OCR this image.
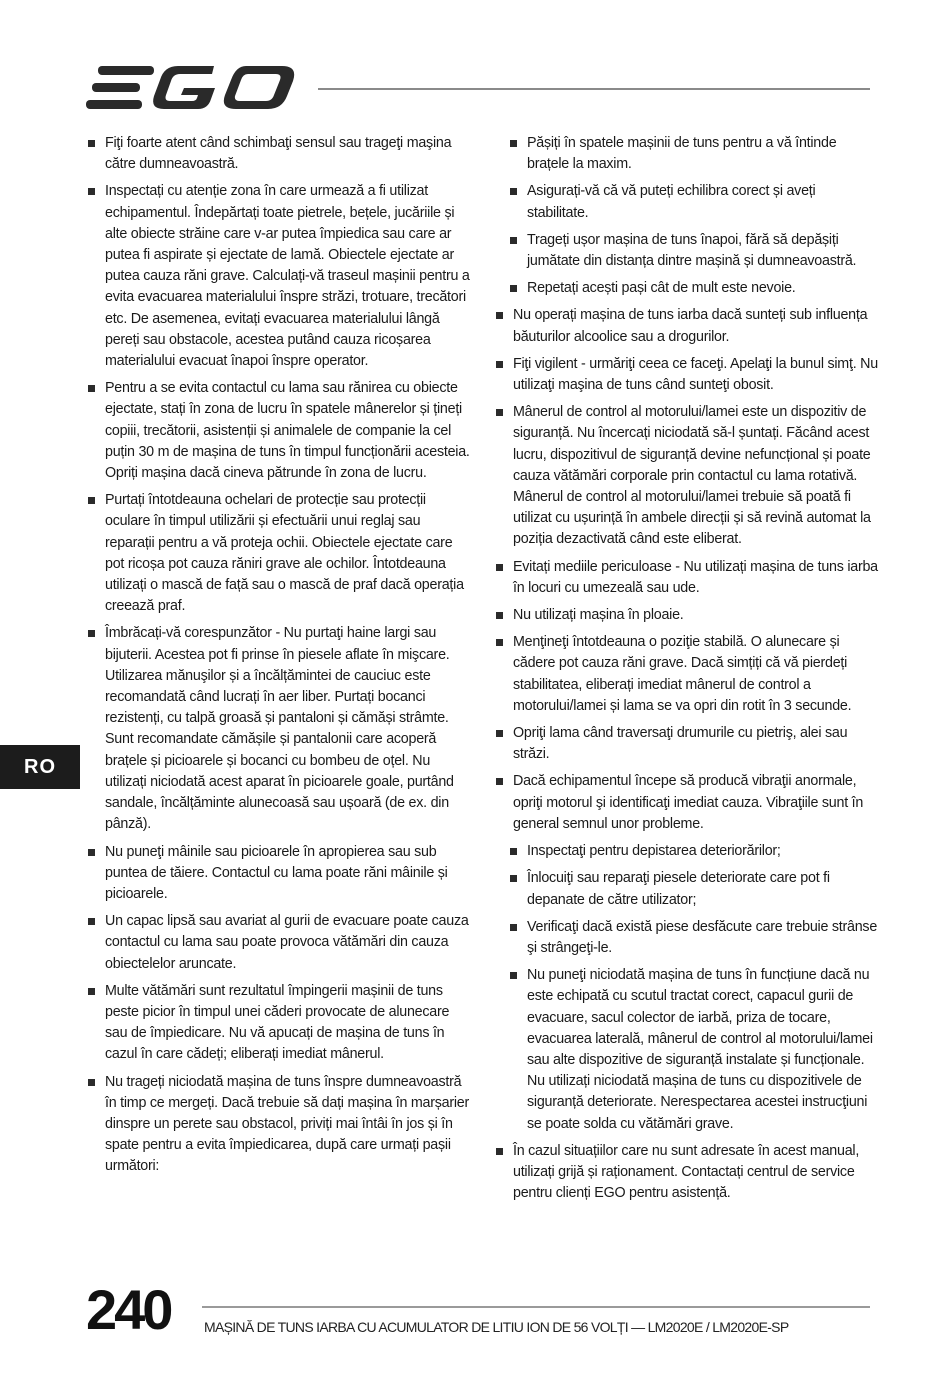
Fiţi foarte atent când schimbaţi sensul sau trageţi maşina către dumneavoastră.
Inspectați cu atenție zona în care urmează a fi utilizat echipamentul. Îndepărtați toate pietrele, bețele, jucăriile și alte obiecte străine care v-ar putea împiedica sau care ar putea fi aspirate și ejectate de lamă. Obiectele ejectate ar putea cauza răni grave. Calculați-vă traseul mașinii pentru a evita evacuarea materialului înspre străzi, trotuare, trecători etc. De asemenea, evitați evacuarea materialului lângă pereți sau obstacole, acestea putând cauza ricoșarea materialului evacuat înapoi înspre operator.
Pentru a se evita contactul cu lama sau rănirea cu obiecte ejectate, stați în zona de lucru în spatele mânerelor și țineți copiii, trecătorii, asistenții și animalele de companie la cel puțin 30 m de mașina de tuns în timpul funcționării acesteia. Opriți mașina dacă cineva pătrunde în zona de lucru.
Purtați întotdeauna ochelari de protecție sau protecții oculare în timpul utilizării și efectuării unui reglaj sau reparații pentru a vă proteja ochii. Obiectele ejectate care pot ricoșa pot cauza răniri grave ale ochilor. Întotdeauna utilizați o mască de față sau o mască de praf dacă operația creează praf.
Îmbrăcați-vă corespunzător - Nu purtaţi haine largi sau bijuterii. Acestea pot fi prinse în piesele aflate în mişcare. Utilizarea mănuşilor și a încălțămintei de cauciuc este recomandată când lucrați în aer liber. Purtați bocanci rezistenți, cu talpă groasă și pantaloni și cămăși strâmte. Sunt recomandate cămășile și pantalonii care acoperă brațele și picioarele și bocanci cu bombeu de oțel. Nu utilizați niciodată acest aparat în picioarele goale, purtând sandale, încălțăminte alunecoasă sau ușoară (de ex. din pânză).
Nu puneţi mâinile sau picioarele în apropierea sau sub puntea de tăiere. Contactul cu lama poate răni mâinile și picioarele.
Un capac lipsă sau avariat al gurii de evacuare poate cauza contactul cu lama sau poate provoca vătămări din cauza obiectelelor aruncate.
Multe vătămări sunt rezultatul împingerii mașinii de tuns peste picior în timpul unei căderi provocate de alunecare sau de împiedicare. Nu vă apucați de mașina de tuns în cazul în care cădeți; eliberați imediat mânerul.
Nu trageți niciodată mașina de tuns înspre dumneavoastră în timp ce mergeți. Dacă trebuie să dați mașina în marșarier dinspre un perete sau obstacol, priviți mai întâi în jos și în spate pentru a evita împiedicarea, după care urmați pașii următori:
Pășiți în spatele mașinii de tuns pentru a vă întinde brațele la maxim.
Asigurați-vă că vă puteți echilibra corect și aveți stabilitate.
Trageți ușor mașina de tuns înapoi, fără să depășiți jumătate din distanța dintre mașină și dumneavoastră.
Repetați acești pași cât de mult este nevoie.
Nu operați mașina de tuns iarba dacă sunteți sub influența băuturilor alcoolice sau a drogurilor.
Fiţi vigilent - urmăriţi ceea ce faceţi. Apelaţi la bunul simţ. Nu utilizaţi maşina de tuns când sunteţi obosit.
Mânerul de control al motorului/lamei este un dispozitiv de siguranță. Nu încercați niciodată să-l șuntați. Făcând acest lucru, dispozitivul de siguranță devine nefuncțional și poate cauza vătămări corporale prin contactul cu lama rotativă. Mânerul de control al motorului/lamei trebuie să poată fi utilizat cu ușurință în ambele direcții și să revină automat la poziția dezactivată când este eliberat.
Evitați mediile periculoase - Nu utilizați mașina de tuns iarba în locuri cu umezeală sau ude.
Nu utilizați mașina în ploaie.
Menţineţi întotdeauna o poziţie stabilă. O alunecare și cădere pot cauza răni grave. Dacă simțiți că vă pierdeți stabilitatea, eliberați imediat mânerul de control a motorului/lamei și lama se va opri din rotit în 3 secunde.
Opriţi lama când traversaţi drumurile cu pietriş, alei sau străzi.
Dacă echipamentul începe să producă vibraţii anormale, opriţi motorul şi identificaţi imediat cauza. Vibraţiile sunt în general semnul unor probleme.
Inspectaţi pentru depistarea deteriorărilor;
Înlocuiţi sau reparaţi piesele deteriorate care pot fi depanate de către utilizator;
Verificaţi dacă există piese desfăcute care trebuie strânse şi strângeţi-le.
Nu puneţi niciodată mașina de tuns în funcțiune dacă nu este echipată cu scutul tractat corect, capacul gurii de evacuare, sacul colector de iarbă, priza de tocare, evacuarea laterală, mânerul de control al motorului/lamei sau alte dispozitive de siguranță instalate și funcționale. Nu utilizați niciodată mașina de tuns cu dispozitivele de siguranță deteriorate. Nerespectarea acestei instrucţiuni se poate solda cu vătămări grave.
În cazul situațiilor care nu sunt adresate în acest manual, utilizați grijă și raționament. Contactați centrul de service pentru clienți EGO pentru asistență.
RO
240 MAȘINĂ DE TUNS IARBA CU ACUMULATOR DE LITIU ION DE 56 VOLȚI — LM2020E / LM2020E-SP
